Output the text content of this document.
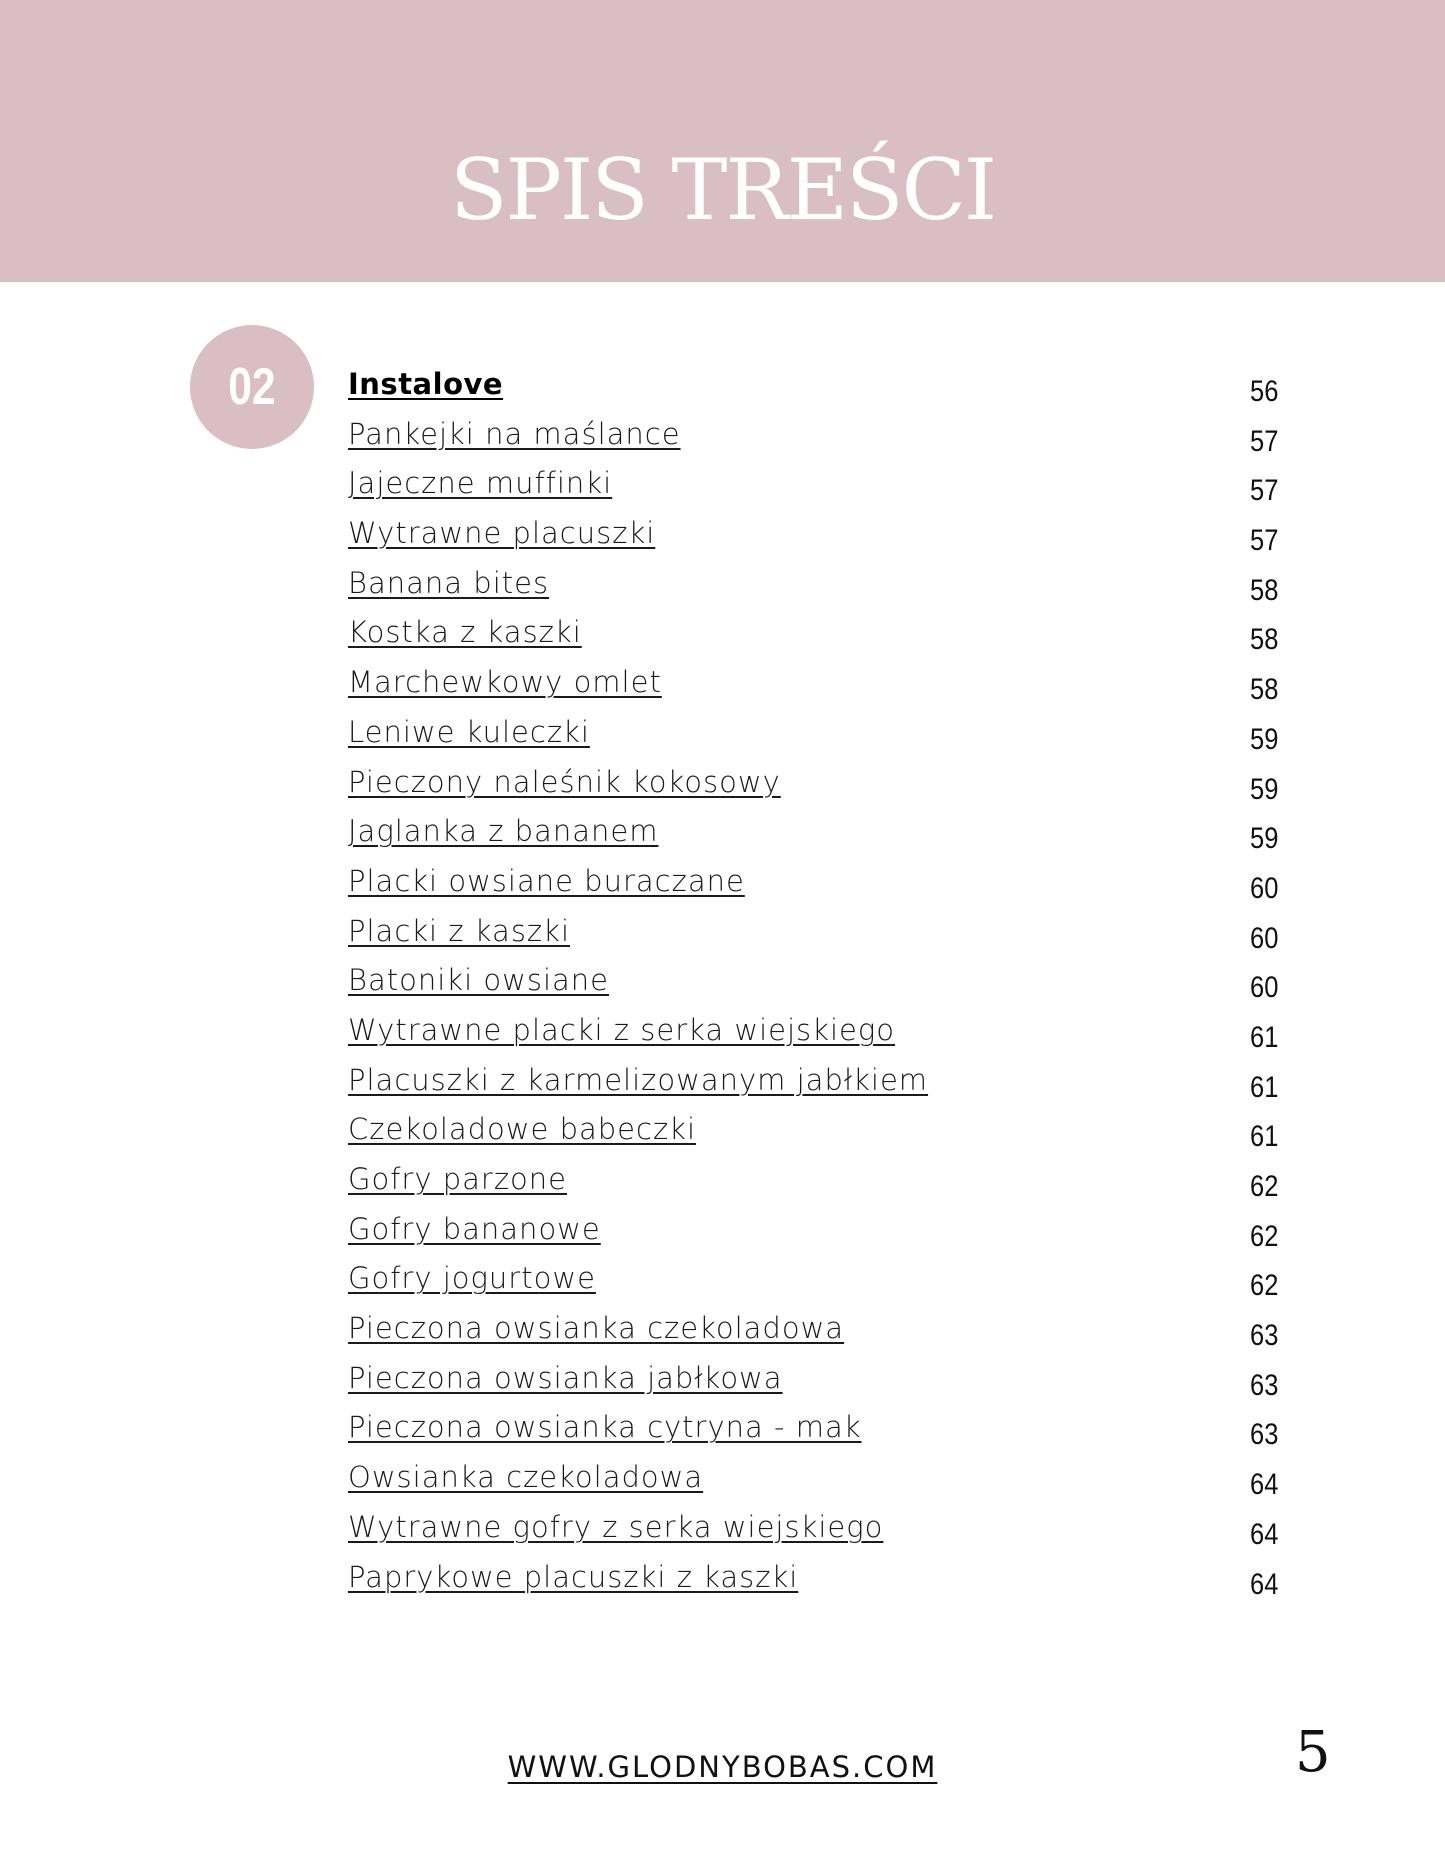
SPIS TREŚCI
02 Instalove	56
Pankejki na maślance	57
Jajeczne muffinki	57
Wytrawne placuszki	57
Banana bites	58
Kostka z kaszki	58
Marchewkowy omlet	58
Leniwe kuleczki	59
Pieczony naleśnik kokosowy	59
Jaglanka z bananem	59
Placki owsiane buraczane	60
Placki z kaszki	60
Batoniki owsiane	60
Wytrawne placki z serka wiejskiego	61
Placuszki z karmelizowanym jabłkiem	61
Czekoladowe babeczki	61
Gofry parzone	62
Gofry bananowe	62
Gofry jogurtowe	62
Pieczona owsianka czekoladowa	63
Pieczona owsianka jabłkowa	63
Pieczona owsianka cytryna - mak	63
Owsianka czekoladowa	64
Wytrawne gofry z serka wiejskiego	64
Paprykowe placuszki z kaszki	64
WWW.GLODNYBOBAS.COM	5
